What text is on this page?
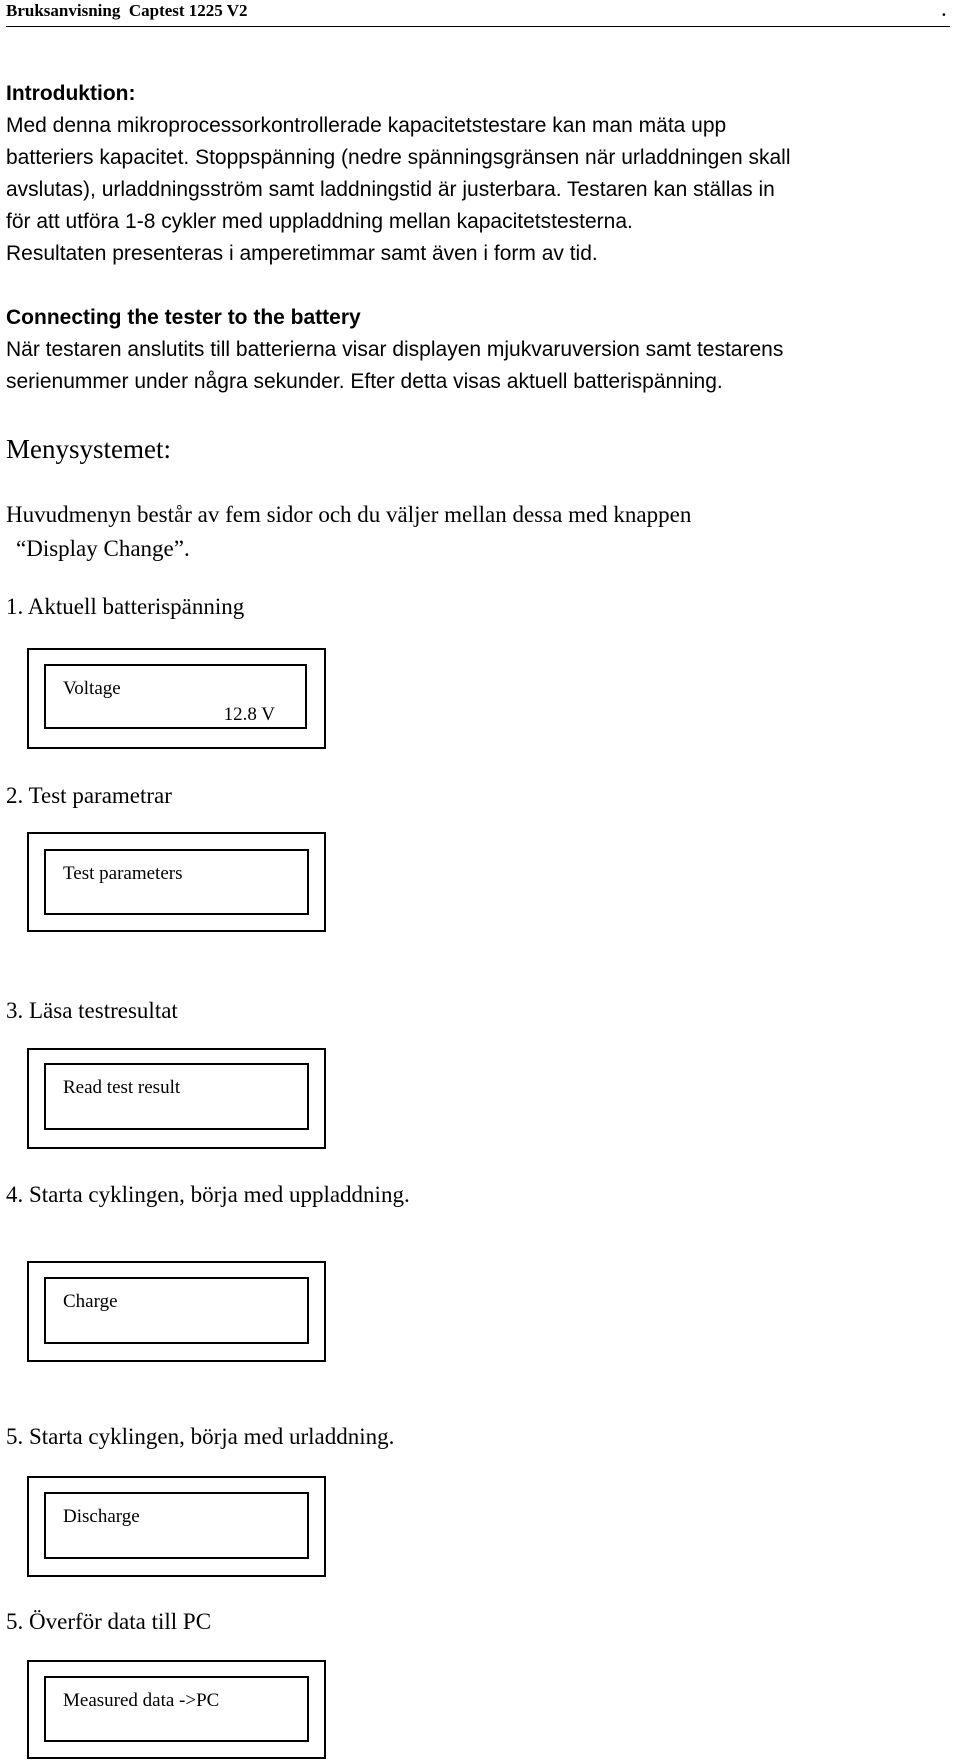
Bruksanvisning  Captest 1225 V2	.
Introduktion:
Med denna mikroprocessorkontrollerade kapacitetstestare kan man mäta upp
batteriers kapacitet. Stoppspänning (nedre spänningsgränsen när urladdningen skall
avslutas), urladdningsström samt laddningstid är justerbara. Testaren kan ställas in
för att utföra 1-8 cykler med uppladdning mellan kapacitetstesterna.
Resultaten presenteras i amperetimmar samt även i form av tid.
Connecting the tester to the battery
När testaren anslutits till batterierna visar displayen mjukvaruversion samt testarens
serienummer under några sekunder. Efter detta visas aktuell batterispänning.
Menysystemet:
Huvudmenyn består av fem sidor och du väljer mellan dessa med knappen
“Display Change”.
1. Aktuell batterispänning
Voltage
12.8 V
2. Test parametrar
Test parameters
3. Läsa testresultat
Read test result
4. Starta cyklingen, börja med uppladdning.
Charge
5. Starta cyklingen, börja med urladdning.
Discharge
5. Överför data till PC
Measured data ->PC
